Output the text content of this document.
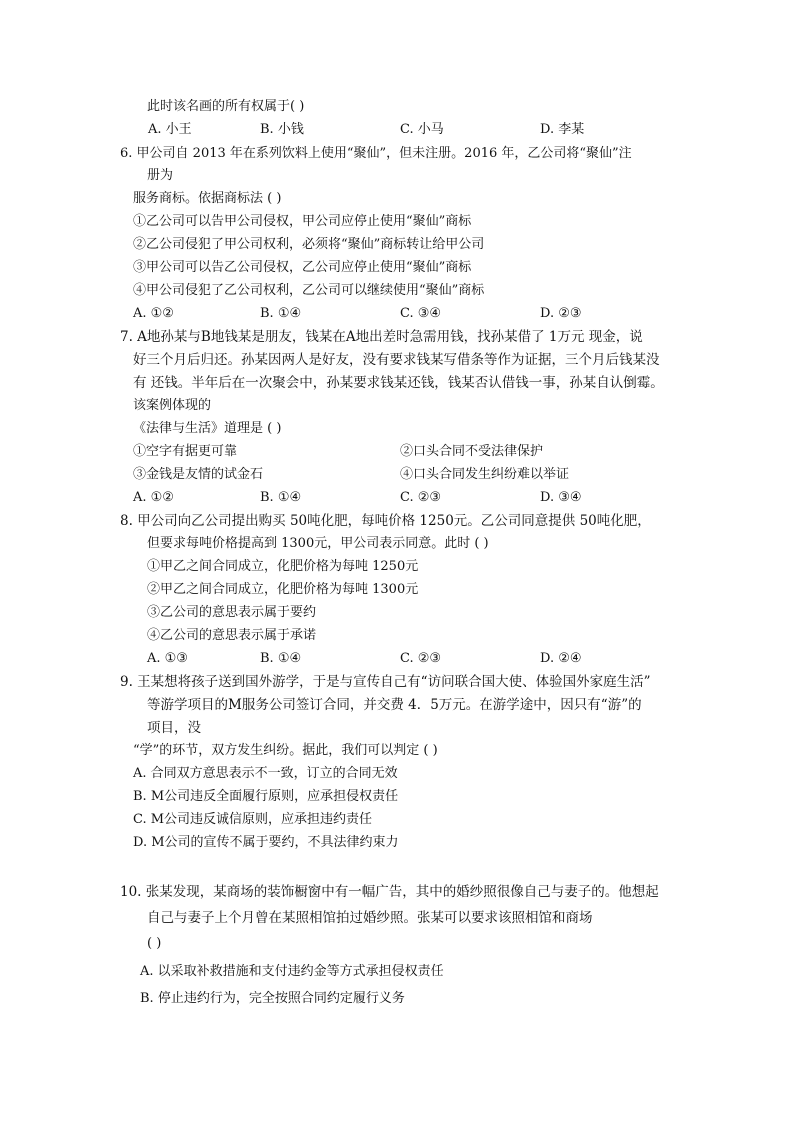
此时该名画的所有权属于( )
A. 小王	B. 小钱	C. 小马	D. 李某
6. 甲公司自 2013 年在系列饮料上使用“聚仙”，但未注册。2016 年，乙公司将“聚仙”注
册为
服务商标。依据商标法 ( )
①乙公司可以告甲公司侵权，甲公司应停止使用“聚仙”商标
②乙公司侵犯了甲公司权利，必须将“聚仙”商标转让给甲公司
③甲公司可以告乙公司侵权，乙公司应停止使用“聚仙”商标
④甲公司侵犯了乙公司权利，乙公司可以继续使用“聚仙”商标
A. ①②	B. ①④	C. ③④	D. ②③
7. A地孙某与B地钱某是朋友，钱某在A地出差时急需用钱，找孙某借了 1万元 现金，说
好三个月后归还。孙某因两人是好友，没有要求钱某写借条等作为证据，三个月后钱某没
有 还钱。半年后在一次聚会中，孙某要求钱某还钱，钱某否认借钱一事，孙某自认倒霉。
该案例体现的
《法律与生活》道理是 ( )
①空字有据更可靠	②口头合同不受法律保护
③金钱是友情的试金石	④口头合同发生纠纷难以举证
A. ①②	B. ①④	C. ②③	D. ③④
8. 甲公司向乙公司提出购买 50吨化肥，每吨价格 1250元。乙公司同意提供 50吨化肥，
但要求每吨价格提高到 1300元，甲公司表示同意。此时 ( )
①甲乙之间合同成立，化肥价格为每吨 1250元
②甲乙之间合同成立，化肥价格为每吨 1300元
③乙公司的意思表示属于要约
④乙公司的意思表示属于承诺
A. ①③	B. ①④	C. ②③	D. ②④
9. 王某想将孩子送到国外游学，于是与宣传自己有“访问联合国大使、体验国外家庭生活”
等游学项目的M服务公司签订合同，并交费 4．5万元。在游学途中，因只有“游”的
项目，没
“学”的环节，双方发生纠纷。据此，我们可以判定 ( )
A. 合同双方意思表示不一致，订立的合同无效
B. M公司违反全面履行原则，应承担侵权责任
C. M公司违反诚信原则，应承担违约责任
D. M公司的宣传不属于要约，不具法律约束力
10. 张某发现，某商场的装饰橱窗中有一幅广告，其中的婚纱照很像自己与妻子的。他想起
自己与妻子上个月曾在某照相馆拍过婚纱照。张某可以要求该照相馆和商场
( )
A. 以采取补救措施和支付违约金等方式承担侵权责任
B. 停止违约行为，完全按照合同约定履行义务
